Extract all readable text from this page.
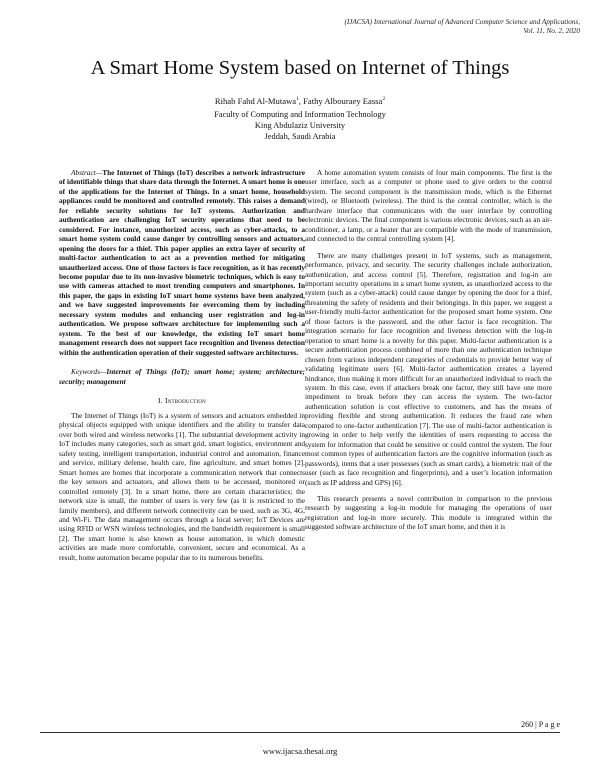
(IJACSA) International Journal of Advanced Computer Science and Applications,
Vol. 11, No. 2, 2020
A Smart Home System based on Internet of Things
Rihab Fahd Al-Mutawa$^1$, Fathy Albouraey Eassa$^2$
Faculty of Computing and Information Technology
King Abdulaziz University
Jeddah, Saudi Arabia

Abstract—The Internet of Things (IoT) describes a network infrastructure of identifiable things that share data through the Internet. A smart home is one of the applications for the Internet of Things. In a smart home, household appliances could be monitored and controlled remotely. This raises a demand for reliable security solutions for IoT systems. Authorization and authentication are challenging IoT security operations that need to be considered. For instance, unauthorized access, such as cyber-attacks, to a smart home system could cause danger by controlling sensors and actuators, opening the doors for a thief. This paper applies an extra layer of security of multi-factor authentication to act as a prevention method for mitigating unauthorized access. One of those factors is face recognition, as it has recently become popular due to its non-invasive biometric techniques, which is easy to use with cameras attached to most trending computers and smartphones. In this paper, the gaps in existing IoT smart home systems have been analyzed, and we have suggested improvements for overcoming them by including necessary system modules and enhancing user registration and log-in authentication. We propose software architecture for implementing such a system. To the best of our knowledge, the existing IoT smart home management research does not support face recognition and liveness detection within the authentication operation of their suggested software architectures.

Keywords—Internet of Things (IoT); smart home; system; architecture; security; management

I. Introduction

The Internet of Things (IoT) is a system of sensors and actuators embedded in physical objects equipped with unique identifiers and the ability to transfer data over both wired and wireless networks [1]. The substantial development activity in IoT includes many categories, such as smart grid, smart logistics, environment and safety testing, intelligent transportation, industrial control and automation, finance and service, military defense, health care, fine agriculture, and smart homes [2]. Smart homes are homes that incorporate a communication network that connects the key sensors and actuators, and allows them to be accessed, monitored or controlled remotely [3]. In a smart home, there are certain characteristics; the network size is small, the number of users is very few (as it is restricted to the family members), and different network connectivity can be used, such as 3G, 4G, and Wi-Fi. The data management occurs through a local server; IoT Devices are using RFID or WSN wireless technologies, and the bandwidth requirement is small [2]. The smart home is also known as house automation, in which domestic activities are made more comfortable, convenient, secure and economical. As a result, home automation became popular due to its numerous benefits.

A home automation system consists of four main components. The first is the user interface, such as a computer or phone used to give orders to the control system. The second component is the transmission mode, which is the Ethernet (wired), or Bluetooth (wireless). The third is the central controller, which is the hardware interface that communicates with the user interface by controlling electronic devices. The final component is various electronic devices, such as an air-conditioner, a lamp, or a heater that are compatible with the mode of transmission, and connected to the central controlling system [4].

There are many challenges present in IoT systems, such as management, performance, privacy, and security. The security challenges include authorization, authentication, and access control [5]. Therefore, registration and log-in are important security operations in a smart home system, as unauthorized access to the system (such as a cyber-attack) could cause danger by opening the door for a thief, threatening the safety of residents and their belongings. In this paper, we suggest a user-friendly multi-factor authentication for the proposed smart home system. One of those factors is the password, and the other factor is face recognition. The integration scenario for face recognition and liveness detection with the log-in operation to smart home is a novelty for this paper. Multi-factor authentication is a secure authentication process combined of more than one authentication technique chosen from various independent categories of credentials to provide better way of validating legitimate users [6]. Multi-factor authentication creates a layered hindrance, thus making it more difficult for an unauthorized individual to reach the system. In this case, even if attackers break one factor, they still have one more impediment to break before they can access the system. The two-factor authentication solution is cost effective to customers, and has the means of providing flexible and strong authentication. It reduces the fraud rate when compared to one-factor authentication [7]. The use of multi-factor authentication is growing in order to help verify the identities of users requesting to access the system for information that could be sensitive or could control the system. The four most common types of authentication factors are the cognitive information (such as passwords), items that a user possesses (such as smart cards), a biometric trait of the user (such as face recognition and fingerprints), and a user’s location information (such as IP address and GPS) [6].

This research presents a novel contribution in comparison to the previous research by suggesting a log-in module for managing the operations of user registration and log-in more securely. This module is integrated within the suggested software architecture of the IoT smart home, and then it is

260 | P a g e
www.ijacsa.thesai.org
